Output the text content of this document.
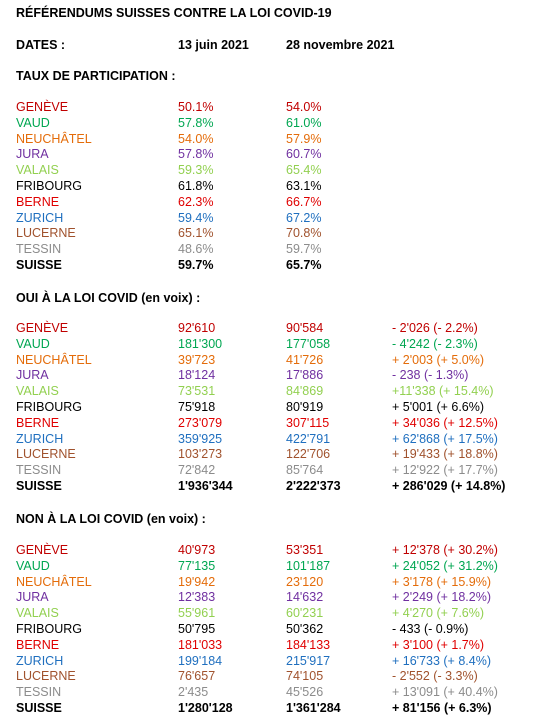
RÉFÉRENDUMS SUISSES CONTRE LA LOI COVID-19
DATES :	13 juin 2021	28 novembre 2021
TAUX DE PARTICIPATION :
GENÈVE	50.1%	54.0%
VAUD	57.8%	61.0%
NEUCHÂTEL	54.0%	57.9%
JURA	57.8%	60.7%
VALAIS	59.3%	65.4%
FRIBOURG	61.8%	63.1%
BERNE	62.3%	66.7%
ZURICH	59.4%	67.2%
LUCERNE	65.1%	70.8%
TESSIN	48.6%	59.7%
SUISSE	59.7%	65.7%
OUI À LA LOI COVID (en voix) :
GENÈVE	92'610	90'584	- 2'026 (- 2.2%)
VAUD	181'300	177'058	- 4'242 (- 2.3%)
NEUCHÂTEL	39'723	41'726	+ 2'003 (+ 5.0%)
JURA	18'124	17'886	- 238 (- 1.3%)
VALAIS	73'531	84'869	+11'338 (+ 15.4%)
FRIBOURG	75'918	80'919	+ 5'001 (+ 6.6%)
BERNE	273'079	307'115	+ 34'036 (+ 12.5%)
ZURICH	359'925	422'791	+ 62'868 (+ 17.5%)
LUCERNE	103'273	122'706	+ 19'433 (+ 18.8%)
TESSIN	72'842	85'764	+ 12'922 (+ 17.7%)
SUISSE	1'936'344	2'222'373	+ 286'029 (+ 14.8%)
NON À LA LOI COVID (en voix) :
GENÈVE	40'973	53'351	+ 12'378 (+ 30.2%)
VAUD	77'135	101'187	+ 24'052 (+ 31.2%)
NEUCHÂTEL	19'942	23'120	+ 3'178 (+ 15.9%)
JURA	12'383	14'632	+ 2'249 (+ 18.2%)
VALAIS	55'961	60'231	+ 4'270 (+ 7.6%)
FRIBOURG	50'795	50'362	- 433 (- 0.9%)
BERNE	181'033	184'133	+ 3'100 (+ 1.7%)
ZURICH	199'184	215'917	+ 16'733 (+ 8.4%)
LUCERNE	76'657	74'105	- 2'552 (- 3.3%)
TESSIN	2'435	45'526	+ 13'091 (+ 40.4%)
SUISSE	1'280'128	1'361'284	+ 81'156 (+ 6.3%)
